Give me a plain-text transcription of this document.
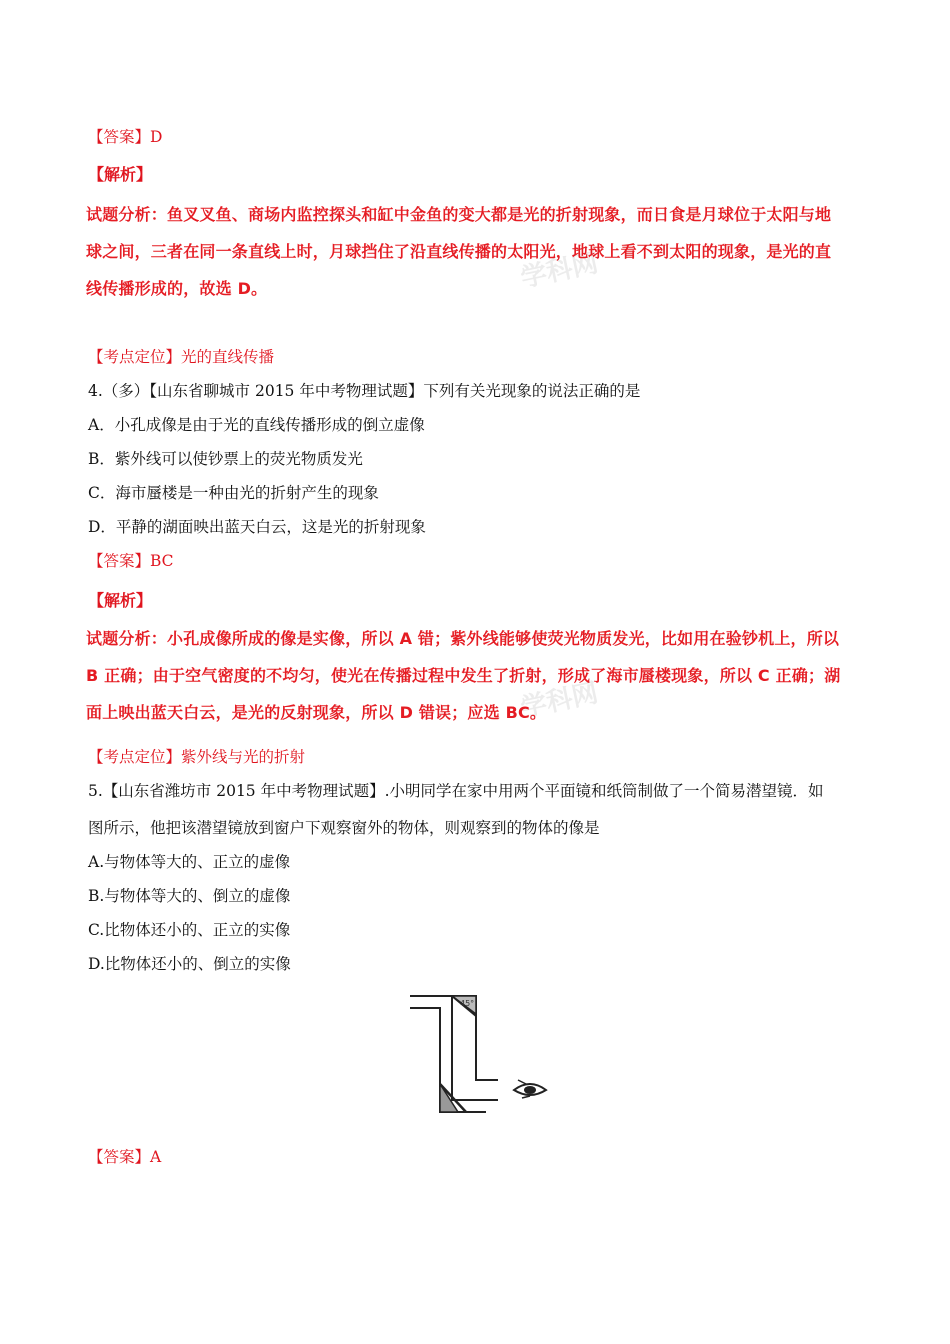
学科网
学科网
【答案】D
【解析】
试题分析：鱼叉叉鱼、商场内监控探头和缸中金鱼的变大都是光的折射现象，而日食是月球位于太阳与地
球之间，三者在同一条直线上时，月球挡住了沿直线传播的太阳光，地球上看不到太阳的现象，是光的直
线传播形成的，故选 D。
【考点定位】光的直线传播
4.（多）【山东省聊城市 2015 年中考物理试题】下列有关光现象的说法正确的是
A．小孔成像是由于光的直线传播形成的倒立虚像
B．紫外线可以使钞票上的荧光物质发光
C．海市蜃楼是一种由光的折射产生的现象
D．平静的湖面映出蓝天白云，这是光的折射现象
【答案】BC
【解析】
试题分析：小孔成像所成的像是实像，所以 A 错；紫外线能够使荧光物质发光，比如用在验钞机上，所以
B 正确；由于空气密度的不均匀，使光在传播过程中发生了折射，形成了海市蜃楼现象，所以 C 正确；湖
面上映出蓝天白云，是光的反射现象，所以 D 错误；应选 BC。
【考点定位】紫外线与光的折射
5.【山东省潍坊市 2015 年中考物理试题】.小明同学在家中用两个平面镜和纸筒制做了一个简易潜望镜．如
图所示，他把该潜望镜放到窗户下观察窗外的物体，则观察到的物体的像是
A.与物体等大的、正立的虚像
B.与物体等大的、倒立的虚像
C.比物体还小的、正立的实像
D.比物体还小的、倒立的实像
45°
【答案】A
